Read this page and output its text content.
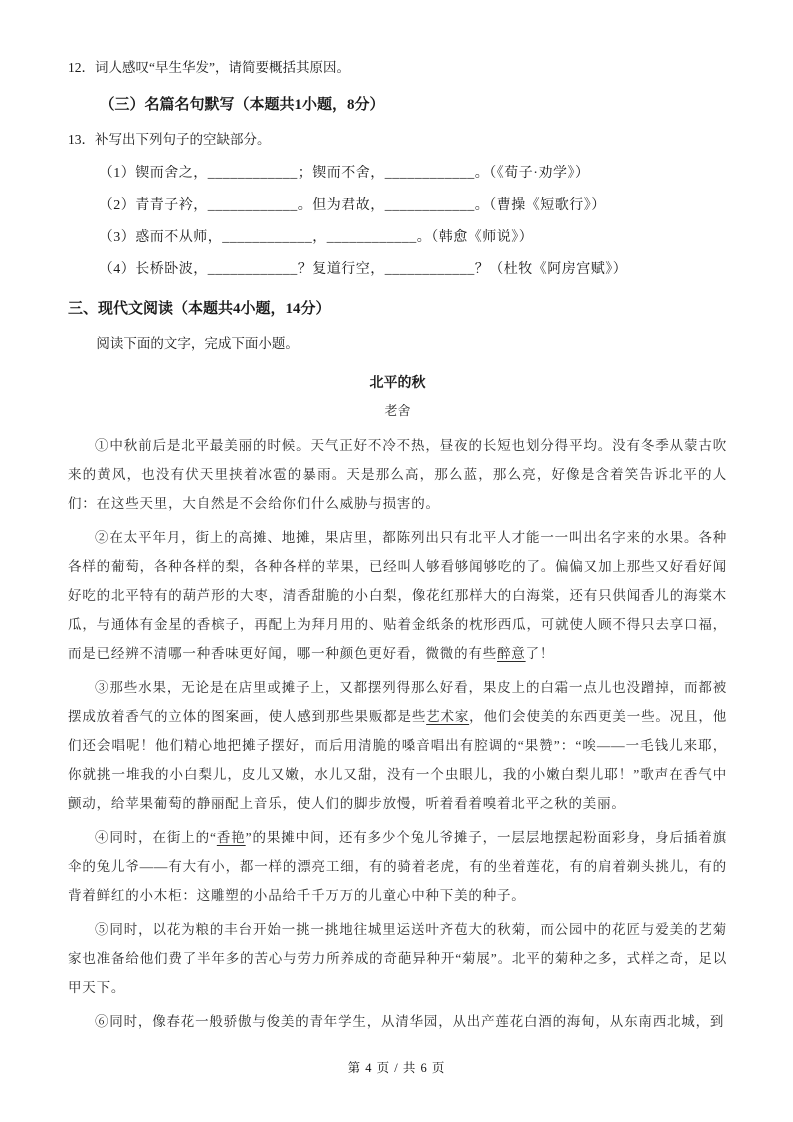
12．词人感叹“早生华发”，请简要概括其原因。

（三）名篇名句默写（本题共1小题，8分）

13．补写出下列句子的空缺部分。

（1）锲而舍之，____________；锲而不舍，____________。（《荀子·劝学》）

（2）青青子衿，____________。但为君故，____________。（曹操《短歌行》）

（3）惑而不从师，____________，____________。（韩愈《师说》）

（4）长桥卧波，____________？复道行空，____________？（杜牧《阿房宫赋》）

三、现代文阅读（本题共4小题，14分）

阅读下面的文字，完成下面小题。

北平的秋

老舍

①中秋前后是北平最美丽的时候。天气正好不冷不热，昼夜的长短也划分得平均。没有冬季从蒙古吹来的黄风，也没有伏天里挟着冰雹的暴雨。天是那么高，那么蓝，那么亮，好像是含着笑告诉北平的人们：在这些天里，大自然是不会给你们什么威胁与损害的。

②在太平年月，街上的高摊、地摊，果店里，都陈列出只有北平人才能一一叫出名字来的水果。各种各样的葡萄，各种各样的梨，各种各样的苹果，已经叫人够看够闻够吃的了。偏偏又加上那些又好看好闻好吃的北平特有的葫芦形的大枣，清香甜脆的小白梨，像花红那样大的白海棠，还有只供闻香儿的海棠木瓜，与通体有金星的香槟子，再配上为拜月用的、贴着金纸条的枕形西瓜，可就使人顾不得只去享口福，而是已经辨不清哪一种香味更好闻，哪一种颜色更好看，微微的有些醉意了！

③那些水果，无论是在店里或摊子上，又都摆列得那么好看，果皮上的白霜一点儿也没蹭掉，而都被摆成放着香气的立体的图案画，使人感到那些果贩都是些艺术家，他们会使美的东西更美一些。况且，他们还会唱呢！他们精心地把摊子摆好，而后用清脆的嗓音唱出有腔调的“果赞”：“唉——一毛钱儿来耶，你就挑一堆我的小白梨儿，皮儿又嫩，水儿又甜，没有一个虫眼儿，我的小嫩白梨儿耶！”歌声在香气中颤动，给苹果葡萄的静丽配上音乐，使人们的脚步放慢，听着看着嗅着北平之秋的美丽。

④同时，在街上的“香艳”的果摊中间，还有多少个兔儿爷摊子，一层层地摆起粉面彩身，身后插着旗伞的兔儿爷——有大有小，都一样的漂亮工细，有的骑着老虎，有的坐着莲花，有的肩着剃头挑儿，有的背着鲜红的小木柜：这雕塑的小品给千千万万的儿童心中种下美的种子。

⑤同时，以花为粮的丰台开始一挑一挑地往城里运送叶齐苞大的秋菊，而公园中的花匠与爱美的艺菊家也准备给他们费了半年多的苦心与劳力所养成的奇葩异种开“菊展”。北平的菊种之多，式样之奇，足以甲天下。

⑥同时，像春花一般骄傲与俊美的青年学生，从清华园，从出产莲花白酒的海甸，从东南西北城，到

第 4 页 / 共 6 页
